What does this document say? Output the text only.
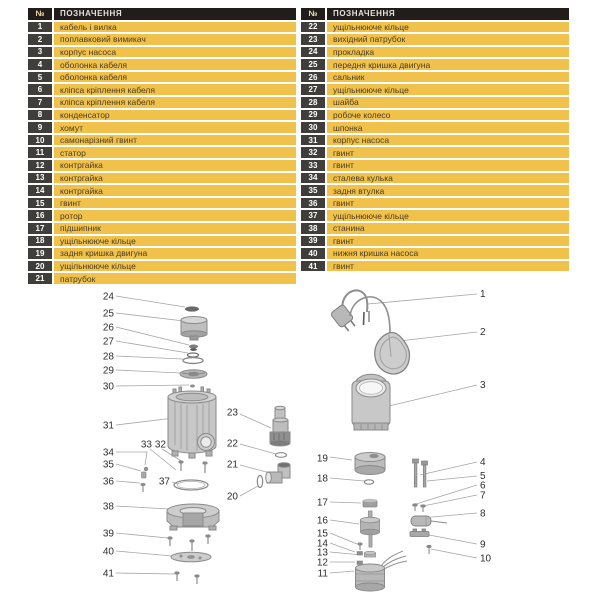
№	ПОЗНАЧЕННЯ
1	кабель і вилка
2	поплавковий вимикач
3	корпус насоса
4	оболонка кабеля
5	оболонка кабеля
6	кліпса кріплення кабеля
7	кліпса кріплення кабеля
8	конденсатор
9	хомут
10	самонарізний гвинт
11	статор
12	контргайка
13	контргайка
14	контргайка
15	гвинт
16	ротор
17	підшипник
18	ущільнююче кільце
19	задня кришка двигуна
20	ущільнююче кільце
21	патрубок
№	ПОЗНАЧЕННЯ
22	ущільнююче кільце
23	вихідний патрубок
24	прокладка
25	передня кришка двигуна
26	сальник
27	ущільнююче кільце
28	шайба
29	робоче колесо
30	шпонка
31	корпус насоса
32	гвинт
33	гвинт
34	сталева кулька
35	задня втулка
36	гвинт
37	ущільнююче кільце
38	станина
39	гвинт
40	нижня кришка насоса
41	гвинт
24
25
26
27
28
29
30
31
33 32
34
35
36	37
38
39
40
41
23
22
21
20
1
2
3
19
18
17
16
15
14
13
12
11
4
5
6
7
8
9
10
